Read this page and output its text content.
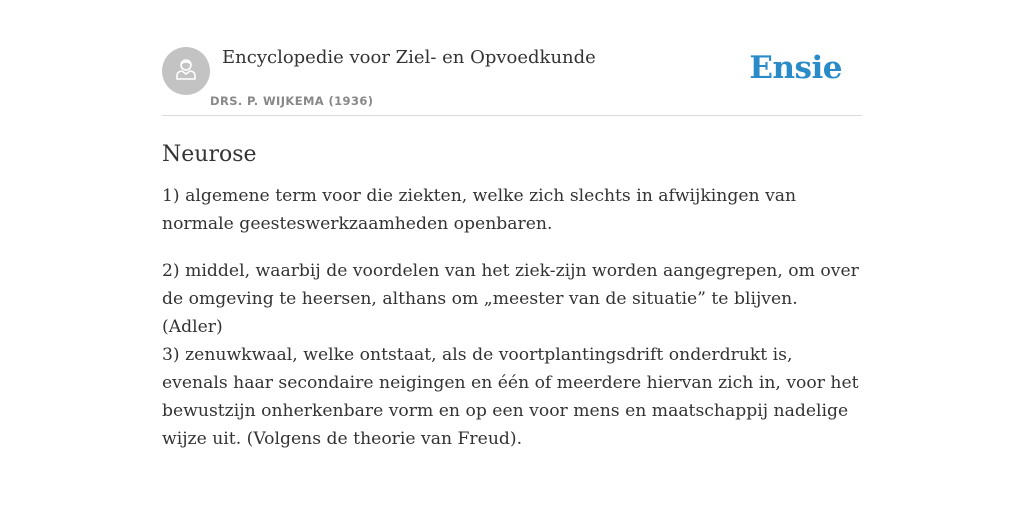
Encyclopedie voor Ziel- en Opvoedkunde
DRS. P. WIJKEMA (1936)
Ensie
Neurose

1) algemene term voor die ziekten, welke zich slechts in afwijkingen van normale geesteswerkzaamheden openbaren.

2) middel, waarbij de voordelen van het ziek-zijn worden aangegrepen, om over de omgeving te heersen, althans om „meester van de situatie” te blijven. (Adler)
3) zenuwkwaal, welke ontstaat, als de voortplantingsdrift onderdrukt is, evenals haar secondaire neigingen en één of meerdere hiervan zich in, voor het bewustzijn onherkenbare vorm en op een voor mens en maatschappij nadelige wijze uit. (Volgens de theorie van Freud).
